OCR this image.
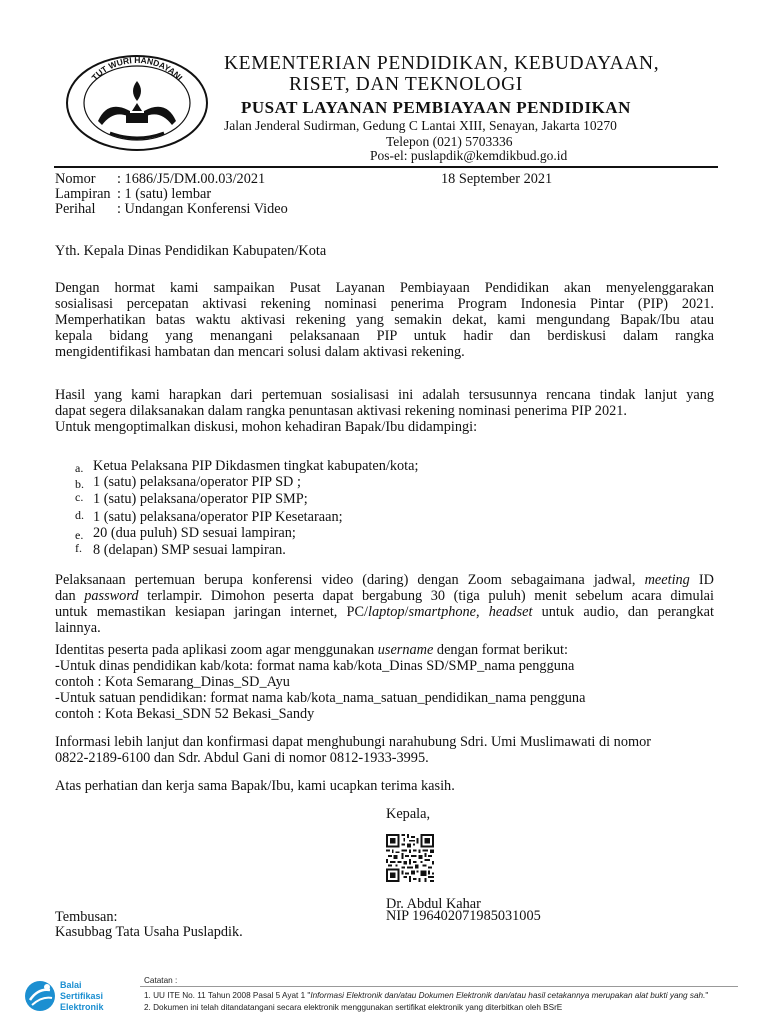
TUT WURI HANDAYANI
KEMENTERIAN PENDIDIKAN, KEBUDAYAAN,
RISET, DAN TEKNOLOGI
PUSAT LAYANAN PEMBIAYAAN PENDIDIKAN
Jalan Jenderal Sudirman, Gedung C Lantai XIII, Senayan, Jakarta 10270
Telepon (021) 5703336
Pos-el: puslapdik@kemdikbud.go.id
Nomor : 1686/J5/DM.00.03/2021	18 September 2021
Lampiran : 1 (satu) lembar
Perihal : Undangan Konferensi Video
Yth. Kepala Dinas Pendidikan Kabupaten/Kota
Dengan hormat kami sampaikan Pusat Layanan Pembiayaan Pendidikan akan menyelenggarakan
sosialisasi percepatan aktivasi rekening nominasi penerima Program Indonesia Pintar (PIP) 2021.
Memperhatikan batas waktu aktivasi rekening yang semakin dekat, kami mengundang Bapak/Ibu atau
kepala bidang yang menangani pelaksanaan PIP untuk hadir dan berdiskusi dalam rangka
mengidentifikasi hambatan dan mencari solusi dalam aktivasi rekening.
Hasil yang kami harapkan dari pertemuan sosialisasi ini adalah tersusunnya rencana tindak lanjut yang
dapat segera dilaksanakan dalam rangka penuntasan aktivasi rekening nominasi penerima PIP 2021.
Untuk mengoptimalkan diskusi, mohon kehadiran Bapak/Ibu didampingi:
a. Ketua Pelaksana PIP Dikdasmen tingkat kabupaten/kota;
b. 1 (satu) pelaksana/operator PIP SD ;
c. 1 (satu) pelaksana/operator PIP SMP;
d. 1 (satu) pelaksana/operator PIP Kesetaraan;
e. 20 (dua puluh) SD sesuai lampiran;
f. 8 (delapan) SMP sesuai lampiran.
Pelaksanaan pertemuan berupa konferensi video (daring) dengan Zoom sebagaimana jadwal, meeting ID
dan password terlampir. Dimohon peserta dapat bergabung 30 (tiga puluh) menit sebelum acara dimulai
untuk memastikan kesiapan jaringan internet, PC/laptop/smartphone, headset untuk audio, dan perangkat
lainnya.
Identitas peserta pada aplikasi zoom agar menggunakan username dengan format berikut:
-Untuk dinas pendidikan kab/kota: format nama kab/kota_Dinas SD/SMP_nama pengguna
contoh : Kota Semarang_Dinas_SD_Ayu
-Untuk satuan pendidikan: format nama kab/kota_nama_satuan_pendidikan_nama pengguna
contoh : Kota Bekasi_SDN 52 Bekasi_Sandy
Informasi lebih lanjut dan konfirmasi dapat menghubungi narahubung Sdri. Umi Muslimawati di nomor
0822-2189-6100 dan Sdr. Abdul Gani di nomor 0812-1933-3995.
Atas perhatian dan kerja sama Bapak/Ibu, kami ucapkan terima kasih.
Kepala,
Dr. Abdul Kahar
NIP 196402071985031005
Tembusan:
Kasubbag Tata Usaha Puslapdik.
Balai
Sertifikasi
Elektronik
Catatan :
1. UU ITE No. 11 Tahun 2008 Pasal 5 Ayat 1 "Informasi Elektronik dan/atau Dokumen Elektronik dan/atau hasil cetakannya merupakan alat bukti yang sah."
2. Dokumen ini telah ditandatangani secara elektronik menggunakan sertifikat elektronik yang diterbitkan oleh BSrE
